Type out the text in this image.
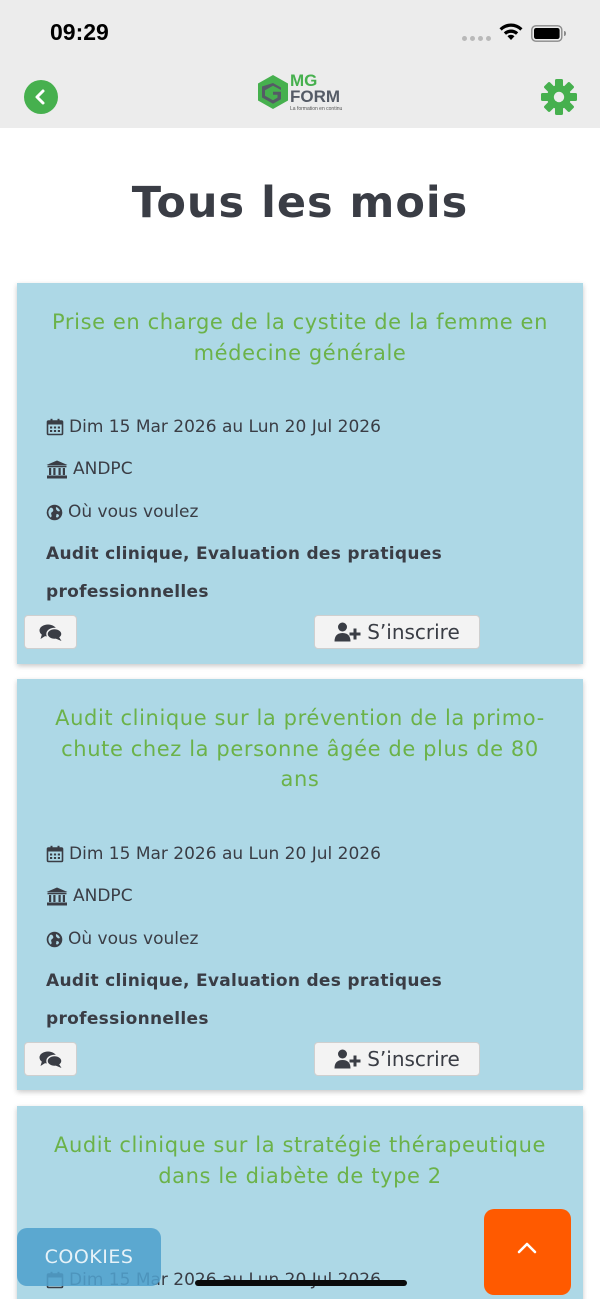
09:29
MG
FORM
La formation en continu
Tous les mois
Prise en charge de la cystite de la femme en médecine générale
Dim 15 Mar 2026 au Lun 20 Jul 2026
ANDPC
Où vous voulez
Audit clinique, Evaluation des pratiques professionnelles
S’inscrire
Audit clinique sur la prévention de la primo-chute chez la personne âgée de plus de 80 ans
Dim 15 Mar 2026 au Lun 20 Jul 2026
ANDPC
Où vous voulez
Audit clinique, Evaluation des pratiques professionnelles
S’inscrire
Audit clinique sur la stratégie thérapeutique dans le diabète de type 2
COOKIES
